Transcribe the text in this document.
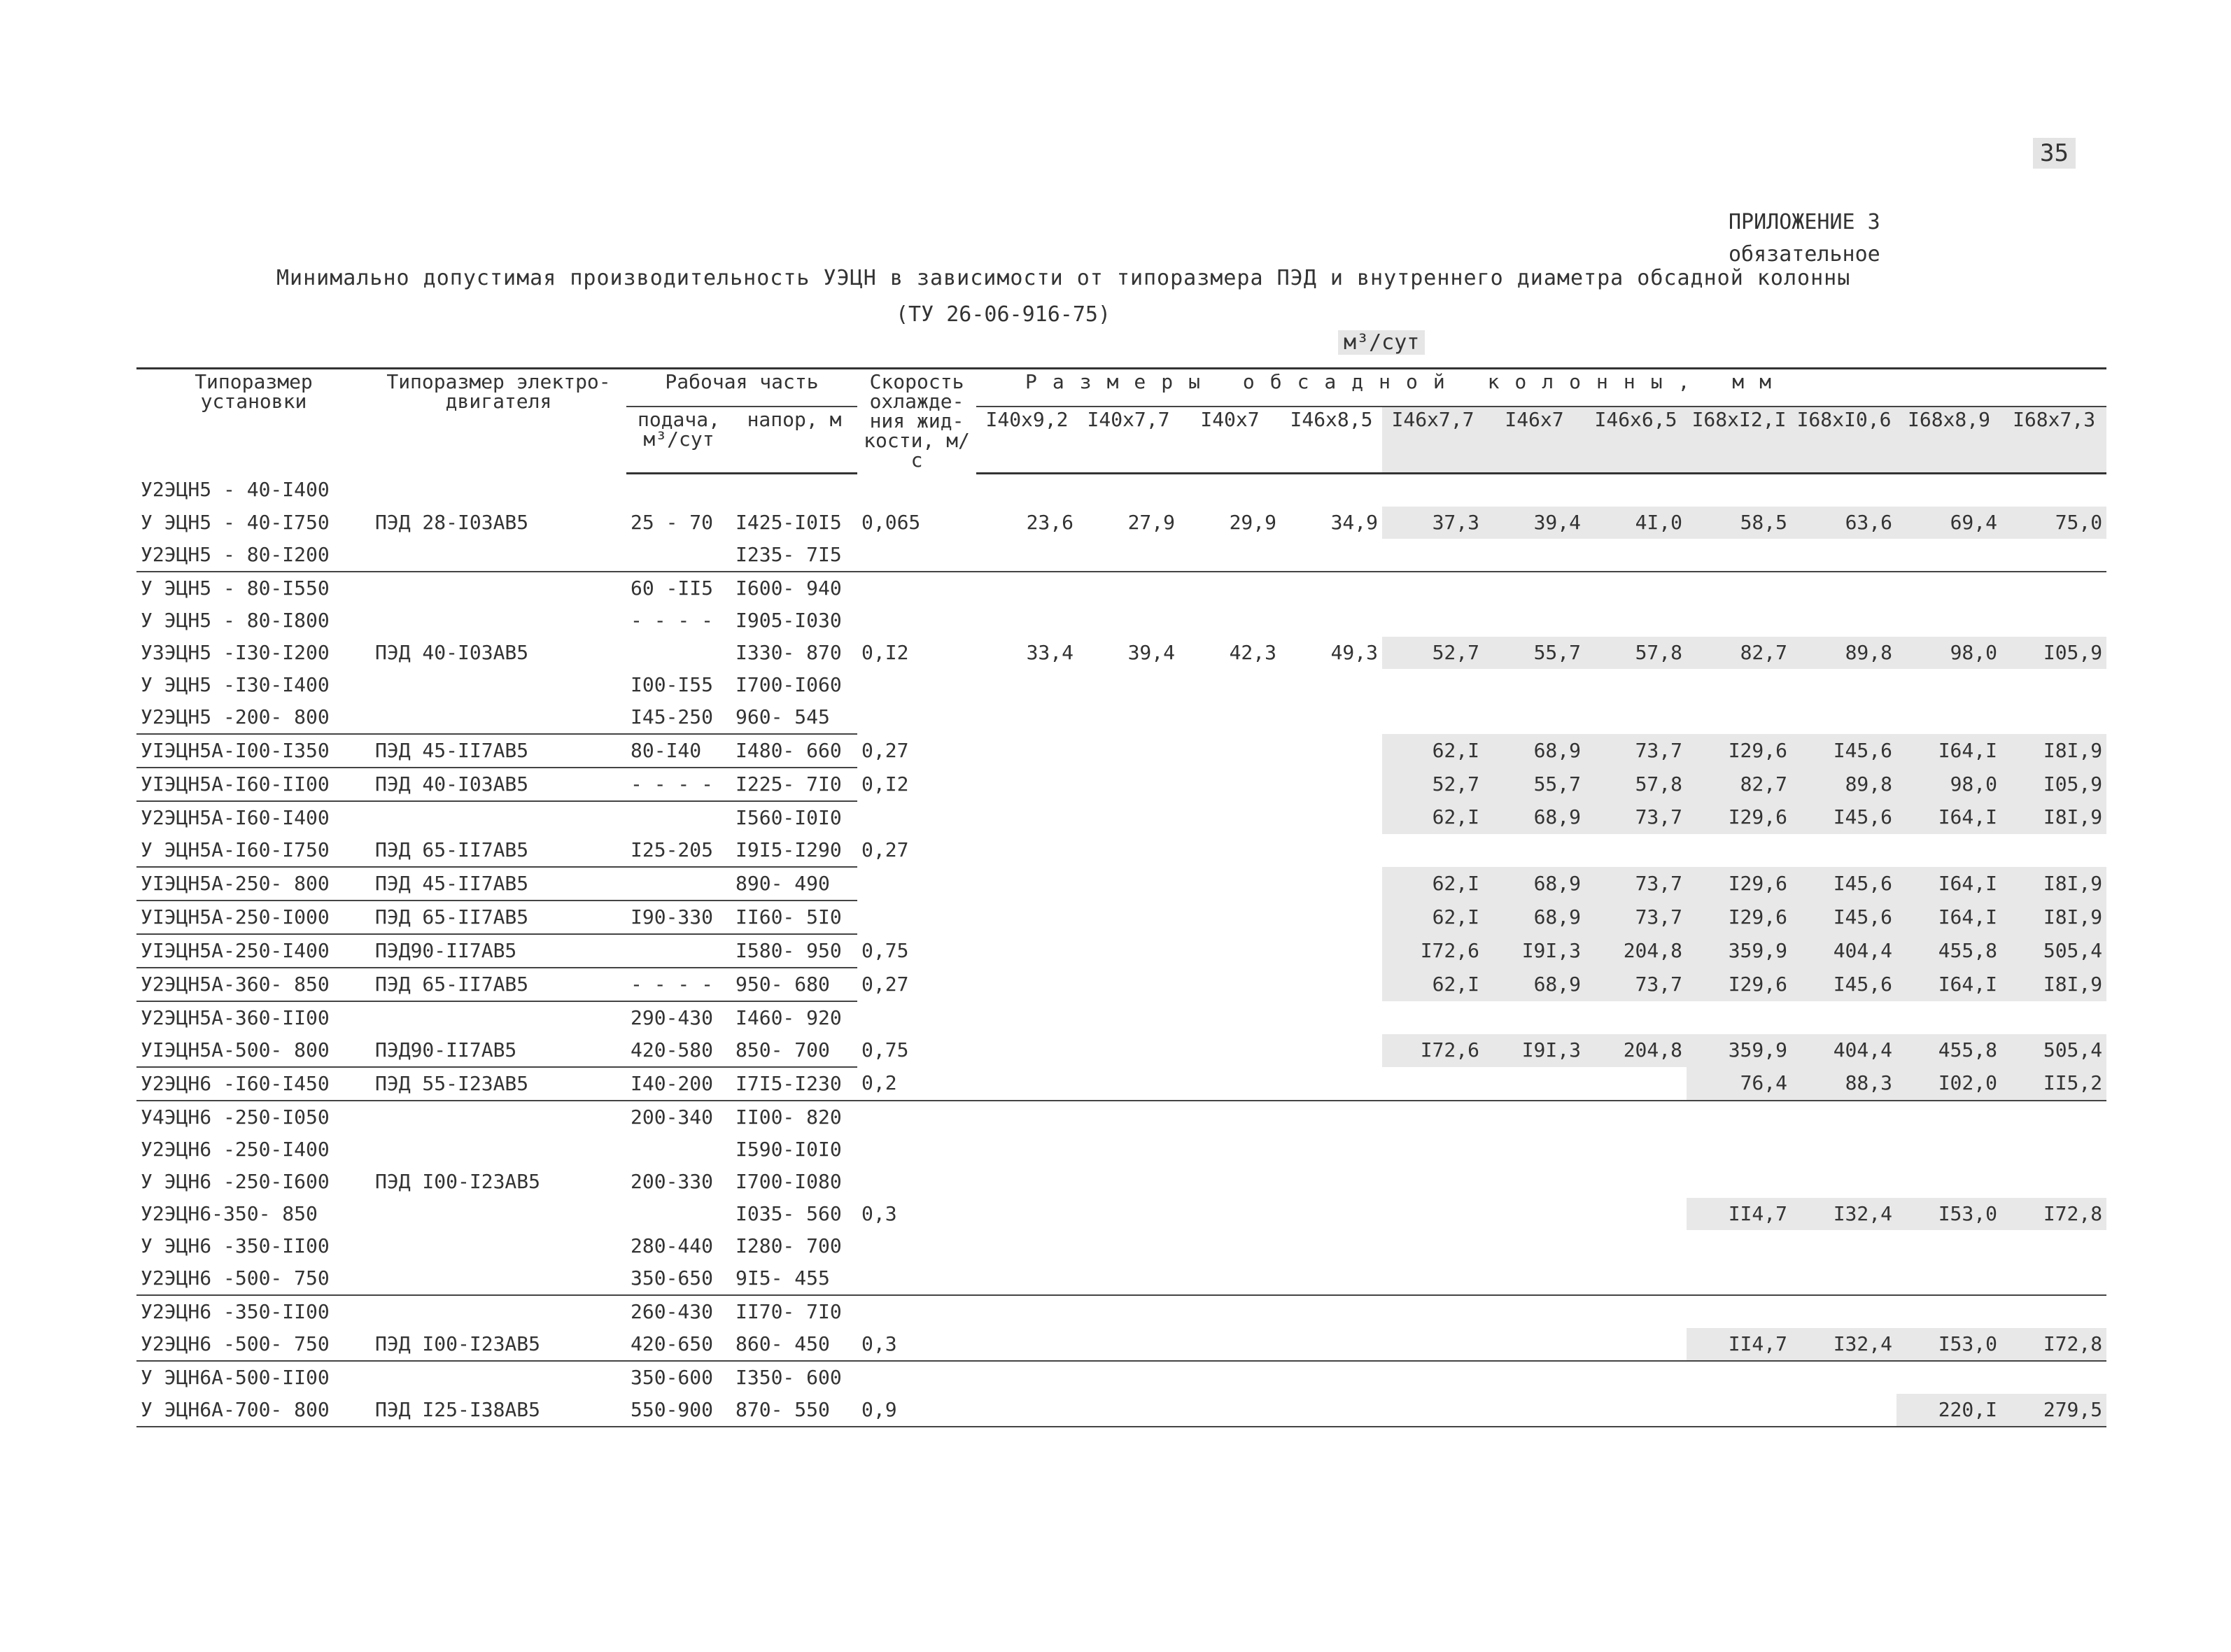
35
ПРИЛОЖЕНИЕ 3
обязательное
Минимально допустимая производительность УЭЦН в зависимости от типоразмера ПЭД и внутреннего диаметра обсадной колонны
(ТУ 26-06-916-75)
м³/сут
Типоразмер установки	Типоразмер электро-двигателя	Рабочая часть		Скорость охлажде-ния жид-кости, м/с	Размеры обсадной колонны, мм										
		подача, м³/сут	напор, м		I40x9,2	I40x7,7	I40x7	I46x8,5	I46x7,7	I46x7	I46x6,5	I68xI2,I	I68xI0,6	I68x8,9	I68x7,3
У2ЭЦН5 - 40-I400															
У ЭЦН5 - 40-I750	ПЭД 28-I03АВ5	25 - 70	I425-I0I5	0,065	23,6	27,9	29,9	34,9	37,3	39,4	4I,0	58,5	63,6	69,4	75,0
У2ЭЦН5 - 80-I200			I235- 7I5												
У ЭЦН5 - 80-I550		60 -II5	I600- 940												
У ЭЦН5 - 80-I800		- - - -	I905-I030												
У3ЭЦН5 -I30-I200	ПЭД 40-I03АВ5		I330- 870	0,I2	33,4	39,4	42,3	49,3	52,7	55,7	57,8	82,7	89,8	98,0	I05,9
У ЭЦН5 -I30-I400		I00-I55	I700-I060												
У2ЭЦН5 -200- 800		I45-250	960- 545												
УIЭЦН5А-I00-I350	ПЭД 45-II7АВ5	80-I40	I480- 660	0,27					62,I	68,9	73,7	I29,6	I45,6	I64,I	I8I,9
УIЭЦН5А-I60-II00	ПЭД 40-I03АВ5	- - - -	I225- 7I0	0,I2					52,7	55,7	57,8	82,7	89,8	98,0	I05,9
У2ЭЦН5А-I60-I400			I560-I0I0						62,I	68,9	73,7	I29,6	I45,6	I64,I	I8I,9
У ЭЦН5А-I60-I750	ПЭД 65-II7АВ5	I25-205	I9I5-I290	0,27											
УIЭЦН5А-250- 800	ПЭД 45-II7АВ5		890- 490						62,I	68,9	73,7	I29,6	I45,6	I64,I	I8I,9
УIЭЦН5А-250-I000	ПЭД 65-II7АВ5	I90-330	II60- 5I0						62,I	68,9	73,7	I29,6	I45,6	I64,I	I8I,9
УIЭЦН5А-250-I400	ПЭД90-II7АВ5		I580- 950	0,75					I72,6	I9I,3	204,8	359,9	404,4	455,8	505,4
У2ЭЦН5А-360- 850	ПЭД 65-II7АВ5	- - - -	950- 680	0,27					62,I	68,9	73,7	I29,6	I45,6	I64,I	I8I,9
У2ЭЦН5А-360-II00		290-430	I460- 920												
УIЭЦН5А-500- 800	ПЭД90-II7АВ5	420-580	850- 700	0,75					I72,6	I9I,3	204,8	359,9	404,4	455,8	505,4
У2ЭЦН6 -I60-I450	ПЭД 55-I23АВ5	I40-200	I7I5-I230	0,2								76,4	88,3	I02,0	II5,2
У4ЭЦН6 -250-I050		200-340	II00- 820												
У2ЭЦН6 -250-I400			I590-I0I0												
У ЭЦН6 -250-I600	ПЭД I00-I23АВ5	200-330	I700-I080												
У2ЭЦН6-350- 850			I035- 560	0,3								II4,7	I32,4	I53,0	I72,8
У ЭЦН6 -350-II00		280-440	I280- 700												
У2ЭЦН6 -500- 750		350-650	9I5- 455												
У2ЭЦН6 -350-II00		260-430	II70- 7I0												
У2ЭЦН6 -500- 750	ПЭД I00-I23АВ5	420-650	860- 450	0,3								II4,7	I32,4	I53,0	I72,8
У ЭЦН6А-500-II00		350-600	I350- 600												
У ЭЦН6А-700- 800	ПЭД I25-I38АВ5	550-900	870- 550	0,9										220,I	279,5
